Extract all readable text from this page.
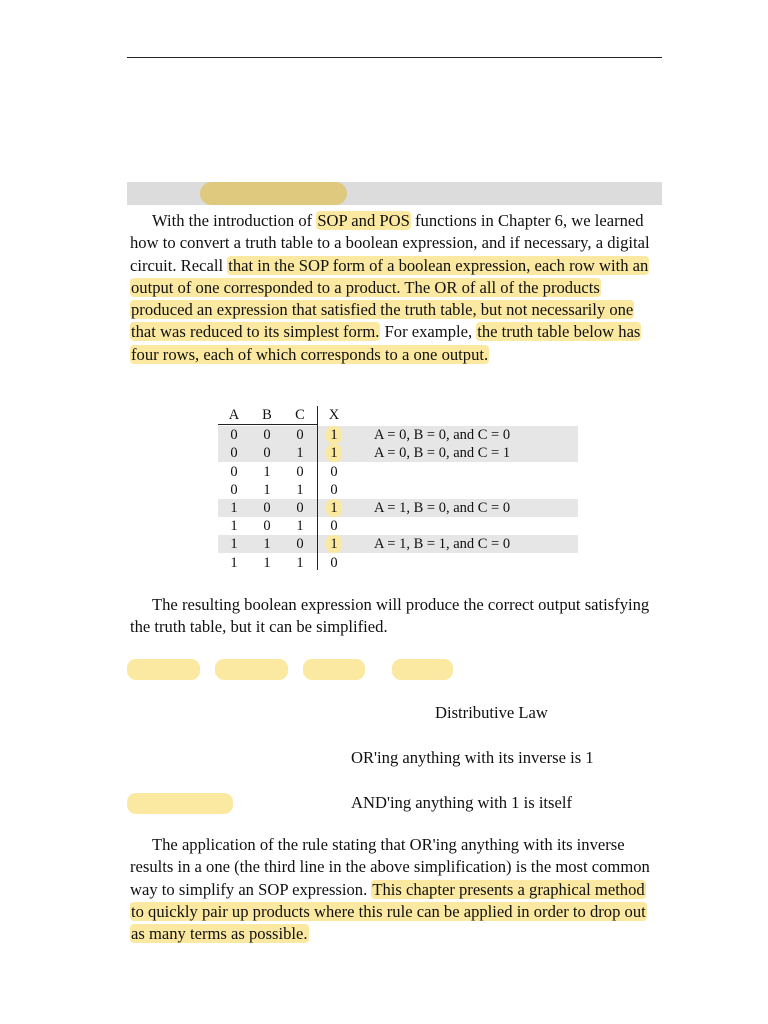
With the introduction of SOP and POS functions in Chapter 6, we learned how to convert a truth table to a boolean expression, and if necessary, a digital circuit. Recall that in the SOP form of a boolean expression, each row with an output of one corresponded to a product. The OR of all of the products produced an expression that satisfied the truth table, but not necessarily one that was reduced to its simplest form. For example, the truth table below has four rows, each of which corresponds to a one output.

A B C X
0	0	0	1	A = 0, B = 0, and C = 0
0	0	1	1	A = 0, B = 0, and C = 1
0	1	0	0
0	1	1	0
1	0	0	1	A = 1, B = 0, and C = 0
1	0	1	0
1	1	0	1	A = 1, B = 1, and C = 0
1	1	1	0

The resulting boolean expression will produce the correct output satisfying the truth table, but it can be simplified.

Distributive Law
OR'ing anything with its inverse is 1
AND'ing anything with 1 is itself

The application of the rule stating that OR'ing anything with its inverse results in a one (the third line in the above simplification) is the most common way to simplify an SOP expression. This chapter presents a graphical method to quickly pair up products where this rule can be applied in order to drop out as many terms as possible.
